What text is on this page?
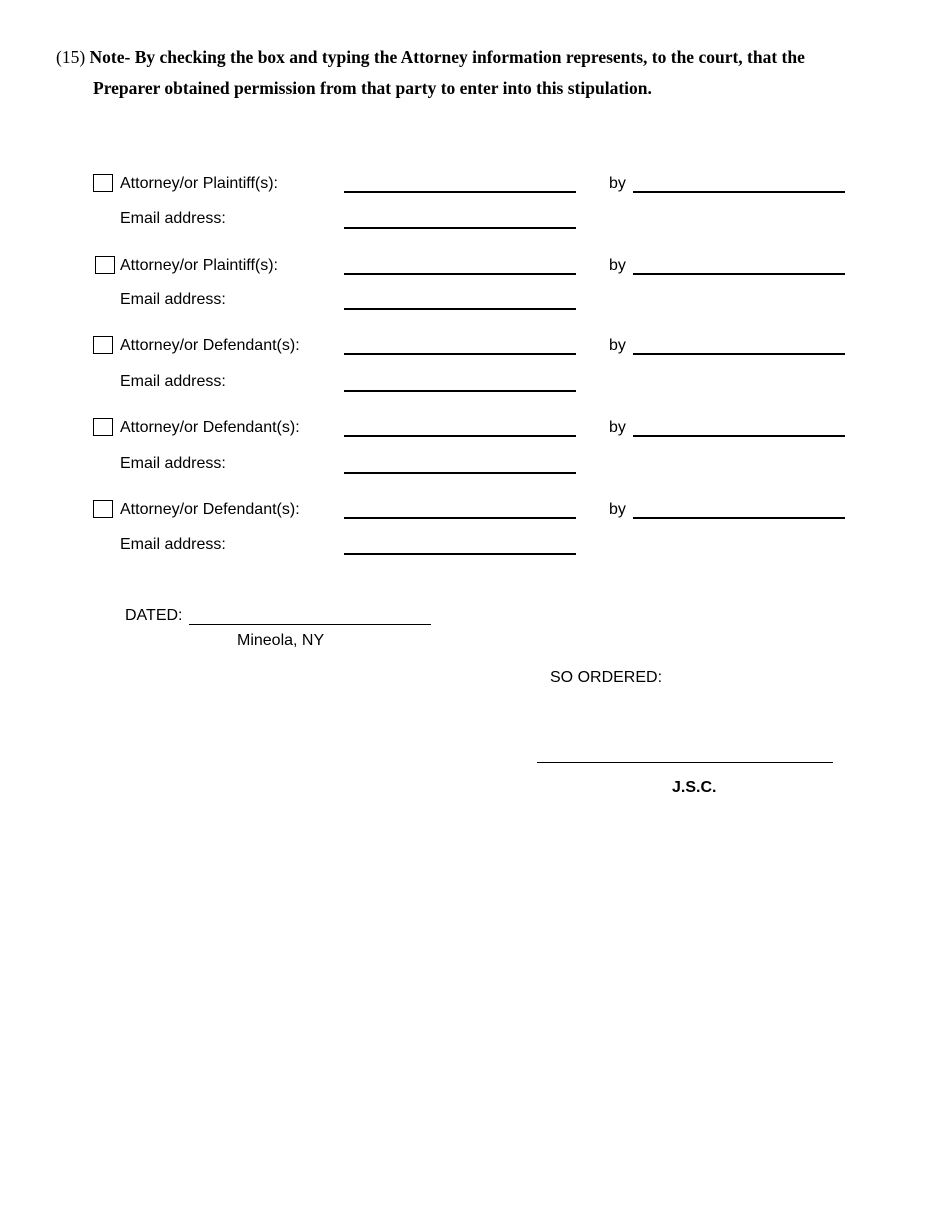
(15) Note- By checking the box and typing the Attorney information represents, to the court, that the
Preparer obtained permission from that party to enter into this stipulation.
Attorney/or Plaintiff(s):	by
Email address:
Attorney/or Plaintiff(s):	by
Email address:
Attorney/or Defendant(s):	by
Email address:
Attorney/or Defendant(s):	by
Email address:
Attorney/or Defendant(s):	by
Email address:
DATED:
Mineola, NY
SO ORDERED:
J.S.C.
